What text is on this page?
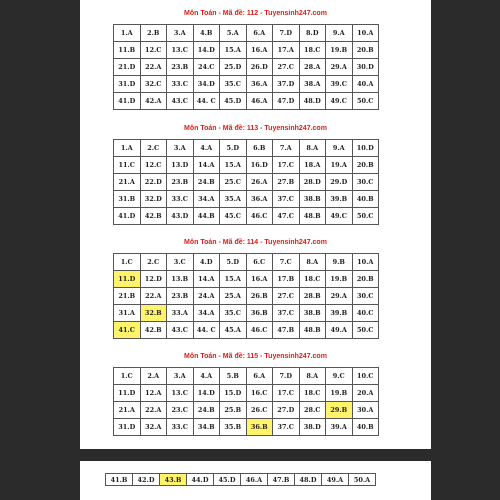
Môn Toán - Mã đề: 112 - Tuyensinh247.com
1.A	2.B	3.A	4.B	5.A	6.A	7.D	8.D	9.A	10.A
11.B	12.C	13.C	14.D	15.A	16.A	17.A	18.C	19.B	20.B
21.D	22.A	23.B	24.C	25.D	26.D	27.C	28.A	29.A	30.D
31.D	32.C	33.C	34.D	35.C	36.A	37.D	38.A	39.C	40.A
41.D	42.A	43.C	44. C	45.D	46.A	47.D	48.D	49.C	50.C
Môn Toán - Mã đề: 113 - Tuyensinh247.com
1.A	2.C	3.A	4.A	5.D	6.B	7.A	8.A	9.A	10.D
11.C	12.C	13.D	14.A	15.A	16.D	17.C	18.A	19.A	20.B
21.A	22.D	23.B	24.B	25.C	26.A	27.B	28.D	29.D	30.C
31.B	32.D	33.C	34.A	35.A	36.A	37.C	38.B	39.B	40.B
41.D	42.B	43.D	44.B	45.C	46.C	47.C	48.B	49.C	50.C
Môn Toán - Mã đề: 114 - Tuyensinh247.com
1.C	2.C	3.C	4.D	5.D	6.C	7.C	8.A	9.B	10.A
11.D	12.D	13.B	14.A	15.A	16.A	17.B	18.C	19.B	20.B
21.B	22.A	23.B	24.A	25.A	26.B	27.C	28.B	29.A	30.C
31.A	32.B	33.A	34.A	35.C	36.B	37.C	38.B	39.B	40.C
41.C	42.B	43.C	44. C	45.A	46.C	47.B	48.B	49.A	50.C
Môn Toán - Mã đề: 115 - Tuyensinh247.com
1.C	2.A	3.A	4.A	5.B	6.A	7.D	8.A	9.C	10.C
11.D	12.A	13.C	14.D	15.D	16.C	17.C	18.C	19.B	20.A
21.A	22.A	23.C	24.B	25.B	26.C	27.D	28.C	29.B	30.A
31.D	32.A	33.C	34.B	35.B	36.B	37.C	38.D	39.A	40.B
41.B	42.D	43.B	44.D	45.D	46.A	47.B	48.D	49.A	50.A
